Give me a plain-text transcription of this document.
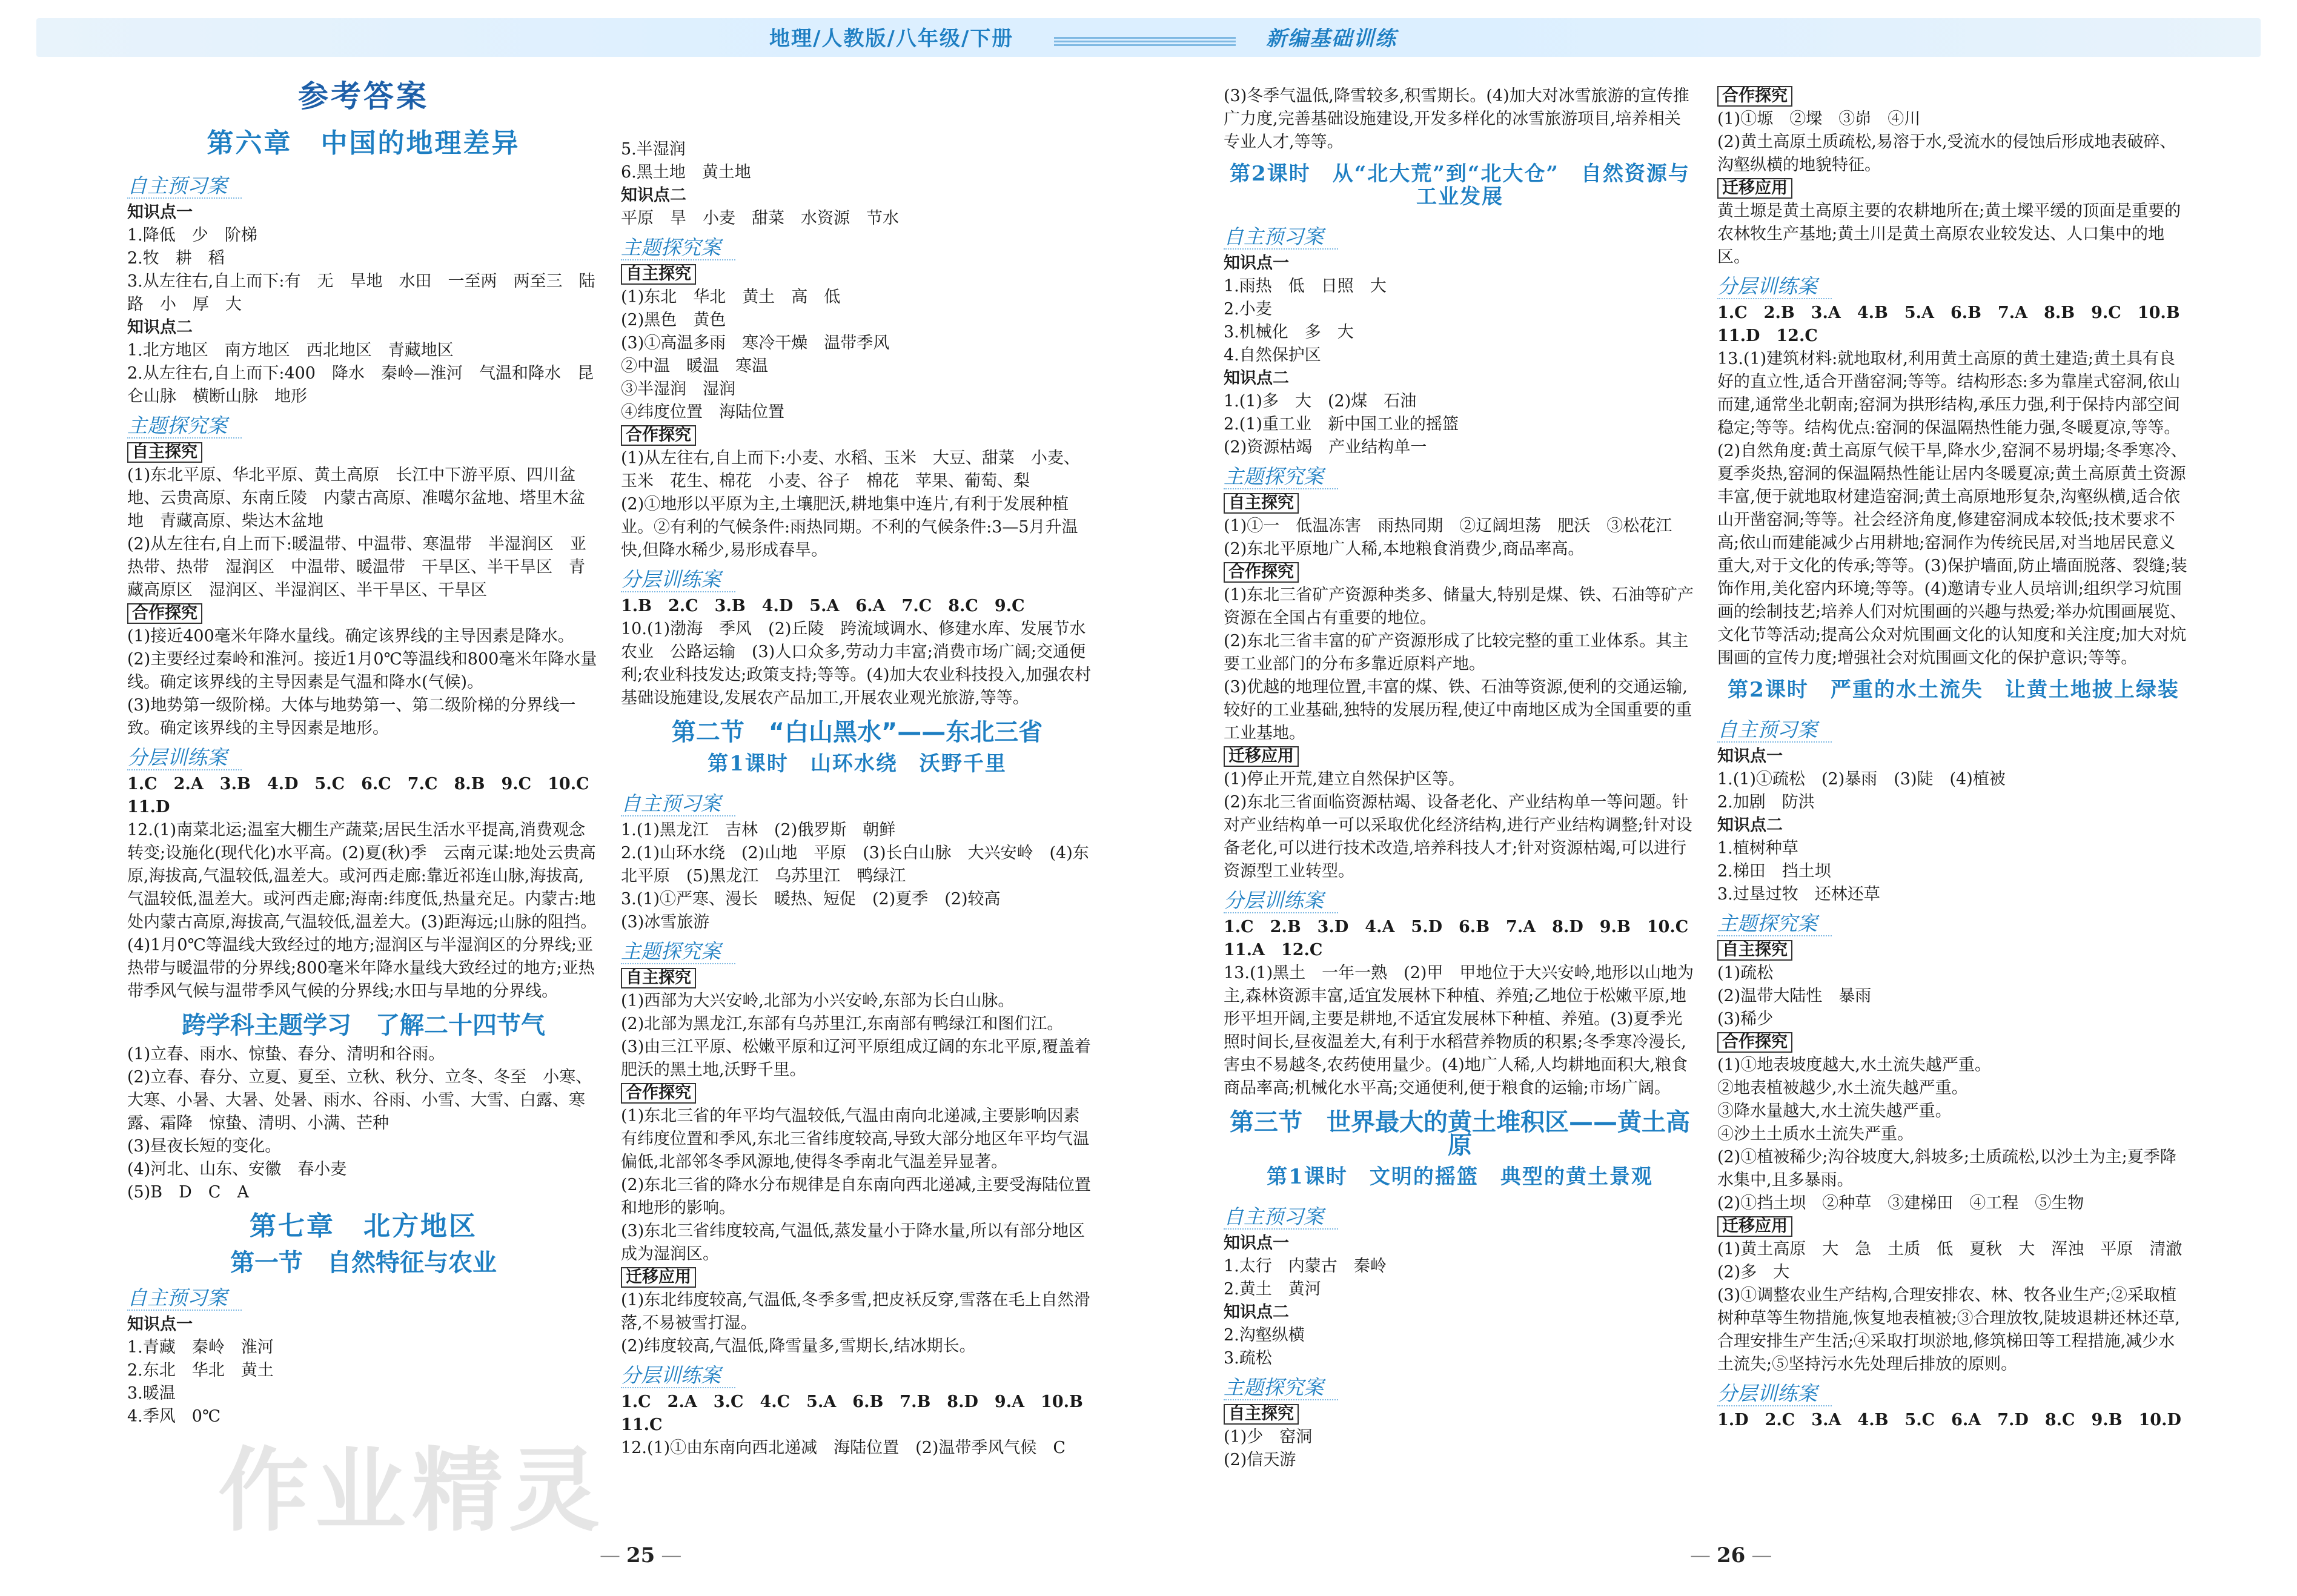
地理/人教版/八年级/下册	新编基础训练
参考答案
第六章　中国的地理差异
自主预习案
知识点一
1.降低　少　阶梯
2.牧　耕　稻
3.从左往右,自上而下:有　无　旱地　水田　一至两　两至三　陆路　小　厚　大
知识点二
1.北方地区　南方地区　西北地区　青藏地区
2.从左往右,自上而下:400　降水　秦岭—淮河　气温和降水　昆仑山脉　横断山脉　地形
主题探究案
自主探究
(1)东北平原、华北平原、黄土高原　长江中下游平原、四川盆地、云贵高原、东南丘陵　内蒙古高原、准噶尔盆地、塔里木盆地　青藏高原、柴达木盆地
(2)从左往右,自上而下:暖温带、中温带、寒温带　半湿润区　亚热带、热带　湿润区　中温带、暖温带　干旱区、半干旱区　青藏高原区　湿润区、半湿润区、半干旱区、干旱区
合作探究
(1)接近400毫米年降水量线。确定该界线的主导因素是降水。
(2)主要经过秦岭和淮河。接近1月0℃等温线和800毫米年降水量线。确定该界线的主导因素是气温和降水(气候)。
(3)地势第一级阶梯。大体与地势第一、第二级阶梯的分界线一致。确定该界线的主导因素是地形。
分层训练案
1.C　2.A　3.B　4.D　5.C　6.C　7.C　8.B　9.C　10.C　11.D
12.(1)南菜北运;温室大棚生产蔬菜;居民生活水平提高,消费观念转变;设施化(现代化)水平高。(2)夏(秋)季　云南元谋:地处云贵高原,海拔高,气温较低,温差大。或河西走廊:靠近祁连山脉,海拔高,气温较低,温差大。或河西走廊;海南:纬度低,热量充足。内蒙古:地处内蒙古高原,海拔高,气温较低,温差大。(3)距海远;山脉的阻挡。(4)1月0℃等温线大致经过的地方;湿润区与半湿润区的分界线;亚热带与暖温带的分界线;800毫米年降水量线大致经过的地方;亚热带季风气候与温带季风气候的分界线;水田与旱地的分界线。
跨学科主题学习　了解二十四节气
(1)立春、雨水、惊蛰、春分、清明和谷雨。
(2)立春、春分、立夏、夏至、立秋、秋分、立冬、冬至　小寒、大寒、小暑、大暑、处暑、雨水、谷雨、小雪、大雪、白露、寒露、霜降　惊蛰、清明、小满、芒种
(3)昼夜长短的变化。
(4)河北、山东、安徽　春小麦
(5)B　D　C　A
第七章　北方地区
第一节　自然特征与农业
自主预习案
知识点一
1.青藏　秦岭　淮河
2.东北　华北　黄土
3.暖温
4.季风　0℃
5.半湿润
6.黑土地　黄土地
知识点二
平原　旱　小麦　甜菜　水资源　节水
主题探究案
自主探究
(1)东北　华北　黄土　高　低
(2)黑色　黄色
(3)①高温多雨　寒冷干燥　温带季风
②中温　暖温　寒温
③半湿润　湿润
④纬度位置　海陆位置
合作探究
(1)从左往右,自上而下:小麦、水稻、玉米　大豆、甜菜　小麦、玉米　花生、棉花　小麦、谷子　棉花　苹果、葡萄、梨
(2)①地形以平原为主,土壤肥沃,耕地集中连片,有利于发展种植业。②有利的气候条件:雨热同期。不利的气候条件:3—5月升温快,但降水稀少,易形成春旱。
分层训练案
1.B　2.C　3.B　4.D　5.A　6.A　7.C　8.C　9.C
10.(1)渤海　季风　(2)丘陵　跨流域调水、修建水库、发展节水农业　公路运输　(3)人口众多,劳动力丰富;消费市场广阔;交通便利;农业科技发达;政策支持;等等。(4)加大农业科技投入,加强农村基础设施建设,发展农产品加工,开展农业观光旅游,等等。
第二节　“白山黑水”——东北三省
第1课时　山环水绕　沃野千里
自主预习案
1.(1)黑龙江　吉林　(2)俄罗斯　朝鲜
2.(1)山环水绕　(2)山地　平原　(3)长白山脉　大兴安岭　(4)东北平原　(5)黑龙江　乌苏里江　鸭绿江
3.(1)①严寒、漫长　暖热、短促　(2)夏季　(2)较高
(3)冰雪旅游
主题探究案
自主探究
(1)西部为大兴安岭,北部为小兴安岭,东部为长白山脉。
(2)北部为黑龙江,东部有乌苏里江,东南部有鸭绿江和图们江。
(3)由三江平原、松嫩平原和辽河平原组成辽阔的东北平原,覆盖着肥沃的黑土地,沃野千里。
合作探究
(1)东北三省的年平均气温较低,气温由南向北递减,主要影响因素有纬度位置和季风,东北三省纬度较高,导致大部分地区年平均气温偏低,北部邻冬季风源地,使得冬季南北气温差异显著。
(2)东北三省的降水分布规律是自东南向西北递减,主要受海陆位置和地形的影响。
(3)东北三省纬度较高,气温低,蒸发量小于降水量,所以有部分地区成为湿润区。
迁移应用
(1)东北纬度较高,气温低,冬季多雪,把皮袄反穿,雪落在毛上自然滑落,不易被雪打湿。
(2)纬度较高,气温低,降雪量多,雪期长,结冰期长。
分层训练案
1.C　2.A　3.C　4.C　5.A　6.B　7.B　8.D　9.A　10.B　11.C
12.(1)①由东南向西北递减　海陆位置　(2)温带季风气候　C
(3)冬季气温低,降雪较多,积雪期长。(4)加大对冰雪旅游的宣传推广力度,完善基础设施建设,开发多样化的冰雪旅游项目,培养相关专业人才,等等。
第2课时　从“北大荒”到“北大仓”　自然资源与工业发展
自主预习案
知识点一
1.雨热　低　日照　大
2.小麦
3.机械化　多　大
4.自然保护区
知识点二
1.(1)多　大　(2)煤　石油
2.(1)重工业　新中国工业的摇篮
(2)资源枯竭　产业结构单一
主题探究案
自主探究
(1)①一　低温冻害　雨热同期　②辽阔坦荡　肥沃　③松花江
(2)东北平原地广人稀,本地粮食消费少,商品率高。
合作探究
(1)东北三省矿产资源种类多、储量大,特别是煤、铁、石油等矿产资源在全国占有重要的地位。
(2)东北三省丰富的矿产资源形成了比较完整的重工业体系。其主要工业部门的分布多靠近原料产地。
(3)优越的地理位置,丰富的煤、铁、石油等资源,便利的交通运输,较好的工业基础,独特的发展历程,使辽中南地区成为全国重要的重工业基地。
迁移应用
(1)停止开荒,建立自然保护区等。
(2)东北三省面临资源枯竭、设备老化、产业结构单一等问题。针对产业结构单一可以采取优化经济结构,进行产业结构调整;针对设备老化,可以进行技术改造,培养科技人才;针对资源枯竭,可以进行资源型工业转型。
分层训练案
1.C　2.B　3.D　4.A　5.D　6.B　7.A　8.D　9.B　10.C　11.A　12.C
13.(1)黑土　一年一熟　(2)甲　甲地位于大兴安岭,地形以山地为主,森林资源丰富,适宜发展林下种植、养殖;乙地位于松嫩平原,地形平坦开阔,主要是耕地,不适宜发展林下种植、养殖。(3)夏季光照时间长,昼夜温差大,有利于水稻营养物质的积累;冬季寒冷漫长,害虫不易越冬,农药使用量少。(4)地广人稀,人均耕地面积大,粮食商品率高;机械化水平高;交通便利,便于粮食的运输;市场广阔。
第三节　世界最大的黄土堆积区——黄土高原
第1课时　文明的摇篮　典型的黄土景观
自主预习案
知识点一
1.太行　内蒙古　秦岭
2.黄土　黄河
知识点二
2.沟壑纵横
3.疏松
主题探究案
自主探究
(1)少　窑洞
(2)信天游
合作探究
(1)①塬　②墚　③峁　④川
(2)黄土高原土质疏松,易溶于水,受流水的侵蚀后形成地表破碎、沟壑纵横的地貌特征。
迁移应用
黄土塬是黄土高原主要的农耕地所在;黄土墚平缓的顶面是重要的农林牧生产基地;黄土川是黄土高原农业较发达、人口集中的地区。
分层训练案
1.C　2.B　3.A　4.B　5.A　6.B　7.A　8.B　9.C　10.B　11.D　12.C
13.(1)建筑材料:就地取材,利用黄土高原的黄土建造;黄土具有良好的直立性,适合开凿窑洞;等等。结构形态:多为靠崖式窑洞,依山而建,通常坐北朝南;窑洞为拱形结构,承压力强,利于保持内部空间稳定;等等。结构优点:窑洞的保温隔热性能力强,冬暖夏凉,等等。(2)自然角度:黄土高原气候干旱,降水少,窑洞不易坍塌;冬季寒冷、夏季炎热,窑洞的保温隔热性能让居内冬暖夏凉;黄土高原黄土资源丰富,便于就地取材建造窑洞;黄土高原地形复杂,沟壑纵横,适合依山开凿窑洞;等等。社会经济角度,修建窑洞成本较低;技术要求不高;依山而建能减少占用耕地;窑洞作为传统民居,对当地居民意义重大,对于文化的传承;等等。(3)保护墙面,防止墙面脱落、裂缝;装饰作用,美化窑内环境;等等。(4)邀请专业人员培训;组织学习炕围画的绘制技艺;培养人们对炕围画的兴趣与热爱;举办炕围画展览、文化节等活动;提高公众对炕围画文化的认知度和关注度;加大对炕围画的宣传力度;增强社会对炕围画文化的保护意识;等等。
第2课时　严重的水土流失　让黄土地披上绿装
自主预习案
知识点一
1.(1)①疏松　(2)暴雨　(3)陡　(4)植被
2.加剧　防洪
知识点二
1.植树种草
2.梯田　挡土坝
3.过垦过牧　还林还草
主题探究案
自主探究
(1)疏松
(2)温带大陆性　暴雨
(3)稀少
合作探究
(1)①地表坡度越大,水土流失越严重。
②地表植被越少,水土流失越严重。
③降水量越大,水土流失越严重。
④沙土土质水土流失严重。
(2)①植被稀少;沟谷坡度大,斜坡多;土质疏松,以沙土为主;夏季降水集中,且多暴雨。
(2)①挡土坝　②种草　③建梯田　④工程　⑤生物
迁移应用
(1)黄土高原　大　急　土质　低　夏秋　大　浑浊　平原　清澈
(2)多　大
(3)①调整农业生产结构,合理安排农、林、牧各业生产;②采取植树种草等生物措施,恢复地表植被;③合理放牧,陡坡退耕还林还草,合理安排生产生活;④采取打坝淤地,修筑梯田等工程措施,减少水土流失;⑤坚持污水先处理后排放的原则。
分层训练案
1.D　2.C　3.A　4.B　5.C　6.A　7.D　8.C　9.B　10.D
作业精灵
— 25 —
—	26 —
